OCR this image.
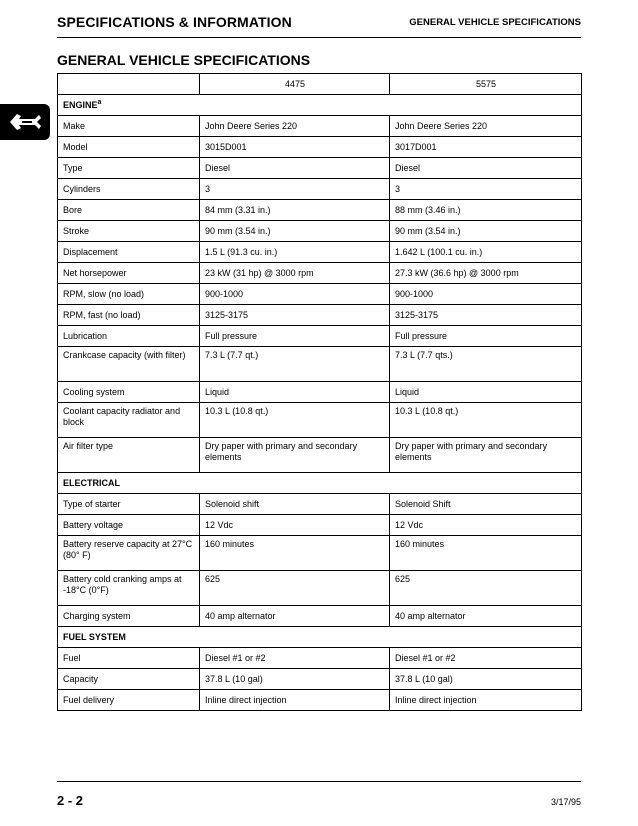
SPECIFICATIONS & INFORMATION	GENERAL VEHICLE SPECIFICATIONS
GENERAL VEHICLE SPECIFICATIONS
	4475	5575
ENGINE$^a$
Make	John Deere Series 220	John Deere Series 220
Model	3015D001	3017D001
Type	Diesel	Diesel
Cylinders	3	3
Bore	84 mm (3.31 in.)	88 mm (3.46 in.)
Stroke	90 mm (3.54 in.)	90 mm (3.54 in.)
Displacement	1.5 L (91.3 cu. in.)	1.642 L (100.1 cu. in.)
Net horsepower	23 kW (31 hp) @ 3000 rpm	27.3 kW (36.6 hp) @ 3000 rpm
RPM, slow (no load)	900-1000	900-1000
RPM, fast (no load)	3125-3175	3125-3175
Lubrication	Full pressure	Full pressure
Crankcase capacity (with filter)	7.3 L (7.7 qt.)	7.3 L (7.7 qts.)
Cooling system	Liquid	Liquid
Coolant capacity radiator and block	10.3 L (10.8 qt.)	10.3 L (10.8 qt.)
Air filter type	Dry paper with primary and secondary elements	Dry paper with primary and secondary elements
ELECTRICAL		
Type of starter	Solenoid shift	Solenoid Shift
Battery voltage	12 Vdc	12 Vdc
Battery reserve capacity at 27°C (80° F)	160 minutes	160 minutes
Battery cold cranking amps at -18°C (0°F)	625	625
Charging system	40 amp alternator	40 amp alternator
FUEL SYSTEM		
Fuel	Diesel #1 or #2	Diesel #1 or #2
Capacity	37.8 L (10 gal)	37.8 L (10 gal)
Fuel delivery	Inline direct injection	Inline direct injection
2 - 2	3/17/95
